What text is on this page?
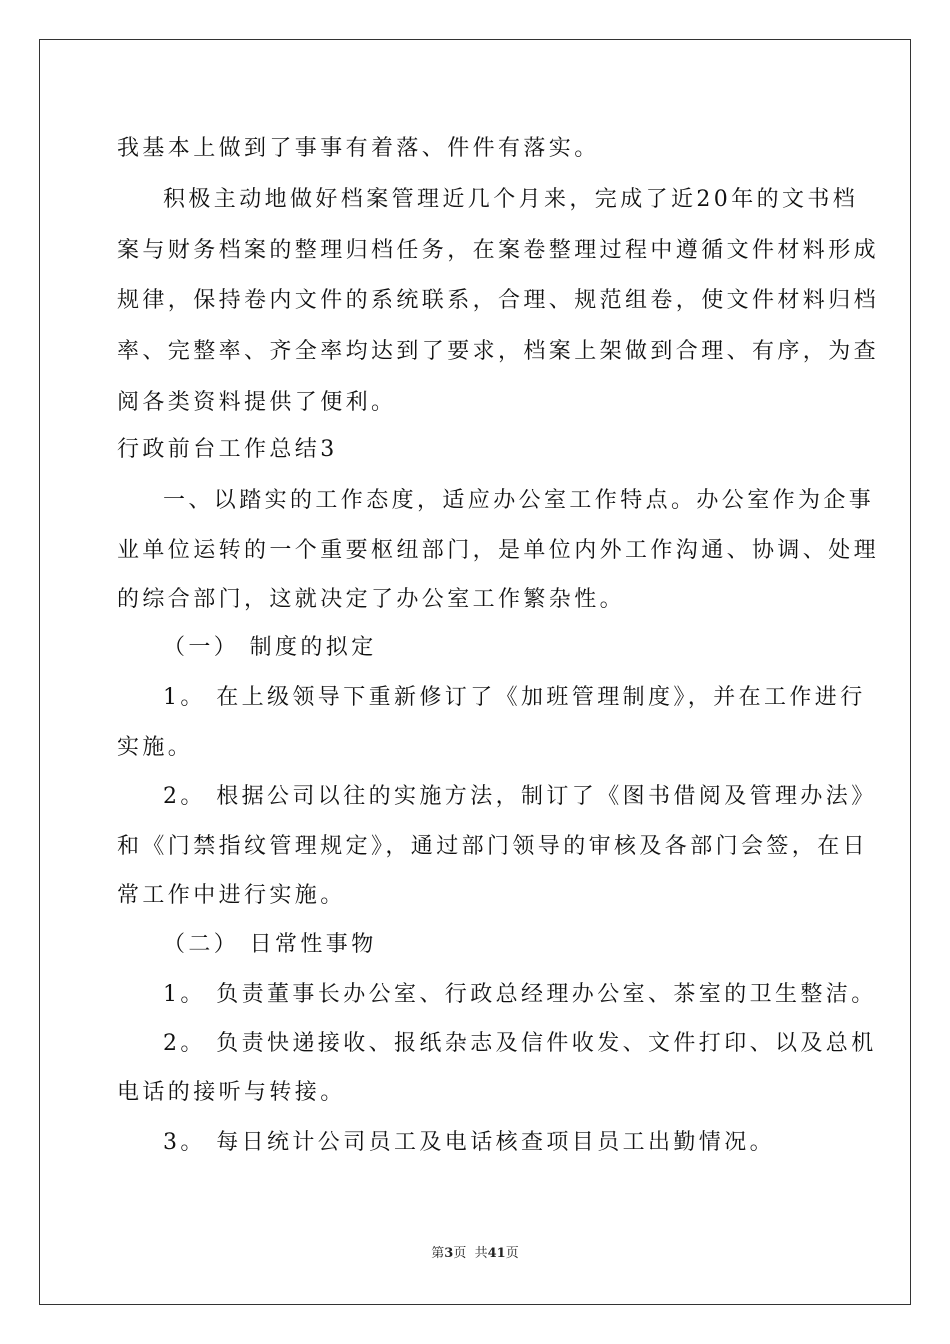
我基本上做到了事事有着落、件件有落实。
积极主动地做好档案管理近几个月来，完成了近20年的文书档
案与财务档案的整理归档任务，在案卷整理过程中遵循文件材料形成
规律，保持卷内文件的系统联系，合理、规范组卷，使文件材料归档
率、完整率、齐全率均达到了要求，档案上架做到合理、有序，为查
阅各类资料提供了便利。
行政前台工作总结3
一、以踏实的工作态度，适应办公室工作特点。办公室作为企事
业单位运转的一个重要枢纽部门，是单位内外工作沟通、协调、处理
的综合部门，这就决定了办公室工作繁杂性。
（一） 制度的拟定
1。 在上级领导下重新修订了《加班管理制度》，并在工作进行
实施。
2。 根据公司以往的实施方法，制订了《图书借阅及管理办法》
和《门禁指纹管理规定》，通过部门领导的审核及各部门会签，在日
常工作中进行实施。
（二） 日常性事物
1。 负责董事长办公室、行政总经理办公室、茶室的卫生整洁。
2。 负责快递接收、报纸杂志及信件收发、文件打印、以及总机
电话的接听与转接。
3。 每日统计公司员工及电话核查项目员工出勤情况。
第3页  共41页
